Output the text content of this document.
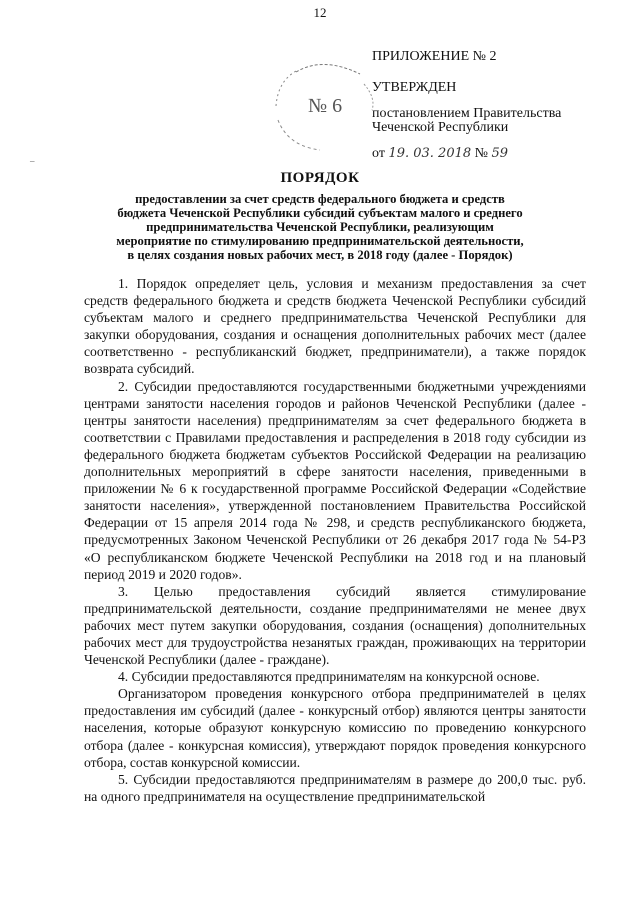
12
№ 6
ПРИЛОЖЕНИЕ № 2
УТВЕРЖДЕН
постановлением Правительства
Чеченской Республики
от 19. 03. 2018 № 59
–
ПОРЯДОК
предоставлении за счет средств федерального бюджета и средств
бюджета Чеченской Республики субсидий субъектам малого и среднего
предпринимательства Чеченской Республики, реализующим
мероприятие по стимулированию предпринимательской деятельности,
в целях создания новых рабочих мест, в 2018 году (далее - Порядок)

1. Порядок определяет цель, условия и механизм предоставления за счет средств федерального бюджета и средств бюджета Чеченской Республики субсидий субъектам малого и среднего предпринимательства Чеченской Республики для закупки оборудования, создания и оснащения дополнительных рабочих мест (далее соответственно - республиканский бюджет, предприниматели), а также порядок возврата субсидий.

2. Субсидии предоставляются государственными бюджетными учреждениями центрами занятости населения городов и районов Чеченской Республики (далее - центры занятости населения) предпринимателям за счет федерального бюджета в соответствии с Правилами предоставления и распределения в 2018 году субсидии из федерального бюджета бюджетам субъектов Российской Федерации на реализацию дополнительных мероприятий в сфере занятости населения, приведенными в приложении № 6 к государственной программе Российской Федерации «Содействие занятости населения», утвержденной постановлением Правительства Российской Федерации от 15 апреля 2014 года № 298, и средств республиканского бюджета, предусмотренных Законом Чеченской Республики от 26 декабря 2017 года № 54-РЗ «О республиканском бюджете Чеченской Республики на 2018 год и на плановый период 2019 и 2020 годов».

3. Целью предоставления субсидий является стимулирование предпринимательской деятельности, создание предпринимателями не менее двух рабочих мест путем закупки оборудования, создания (оснащения) дополнительных рабочих мест для трудоустройства незанятых граждан, проживающих на территории Чеченской Республики (далее - граждане).

4. Субсидии предоставляются предпринимателям на конкурсной основе.

Организатором проведения конкурсного отбора предпринимателей в целях предоставления им субсидий (далее - конкурсный отбор) являются центры занятости населения, которые образуют конкурсную комиссию по проведению конкурсного отбора (далее - конкурсная комиссия), утверждают порядок проведения конкурсного отбора, состав конкурсной комиссии.

5. Субсидии предоставляются предпринимателям в размере до 200,0 тыс. руб. на одного предпринимателя на осуществление предпринимательской
